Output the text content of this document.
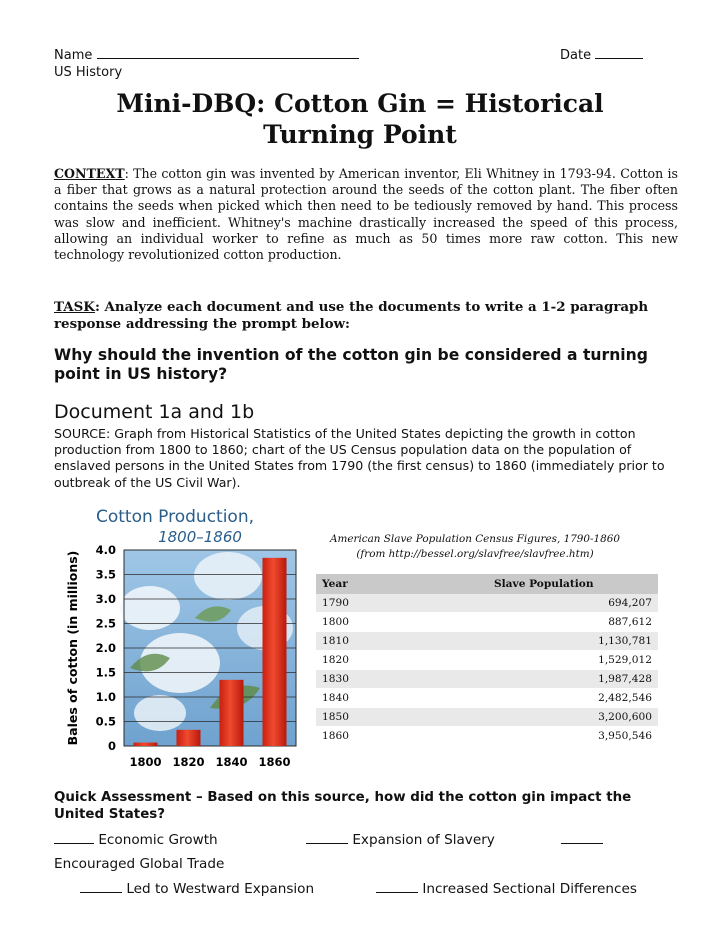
Name
US History
Date
Mini-DBQ: Cotton Gin = Historical
Turning Point
CONTEXT: The cotton gin was invented by American inventor, Eli Whitney in 1793-94. Cotton is a fiber that grows as a natural protection around the seeds of the cotton plant. The fiber often contains the seeds when picked which then need to be tediously removed by hand. This process was slow and inefficient. Whitney's machine drastically increased the speed of this process, allowing an individual worker to refine as much as 50 times more raw cotton. This new technology revolutionized cotton production.
TASK: Analyze each document and use the documents to write a 1-2 paragraph response addressing the prompt below:
Why should the invention of the cotton gin be considered a turning point in US history?
Document 1a and 1b
SOURCE: Graph from Historical Statistics of the United States depicting the growth in cotton production from 1800 to 1860; chart of the US Census population data on the population of enslaved persons in the United States from 1790 (the first census) to 1860 (immediately prior to outbreak of the US Civil War).
Cotton Production,
1800–1860
0
0.5
1.0
1.5
2.0
2.5
3.0
3.5
4.0
1800 1820 1840 1860
Bales of cotton (in millions)
American Slave Population Census Figures, 1790-1860
(from http://bessel.org/slavfree/slavfree.htm)
Year	Slave Population
1790	694,207
1800	887,612
1810	1,130,781
1820	1,529,012
1830	1,987,428
1840	2,482,546
1850	3,200,600
1860	3,950,546
Quick Assessment – Based on this source, how did the cotton gin impact the United States?
Economic Growth	Expansion of Slavery
Encouraged Global Trade
Led to Westward Expansion	Increased Sectional Differences
